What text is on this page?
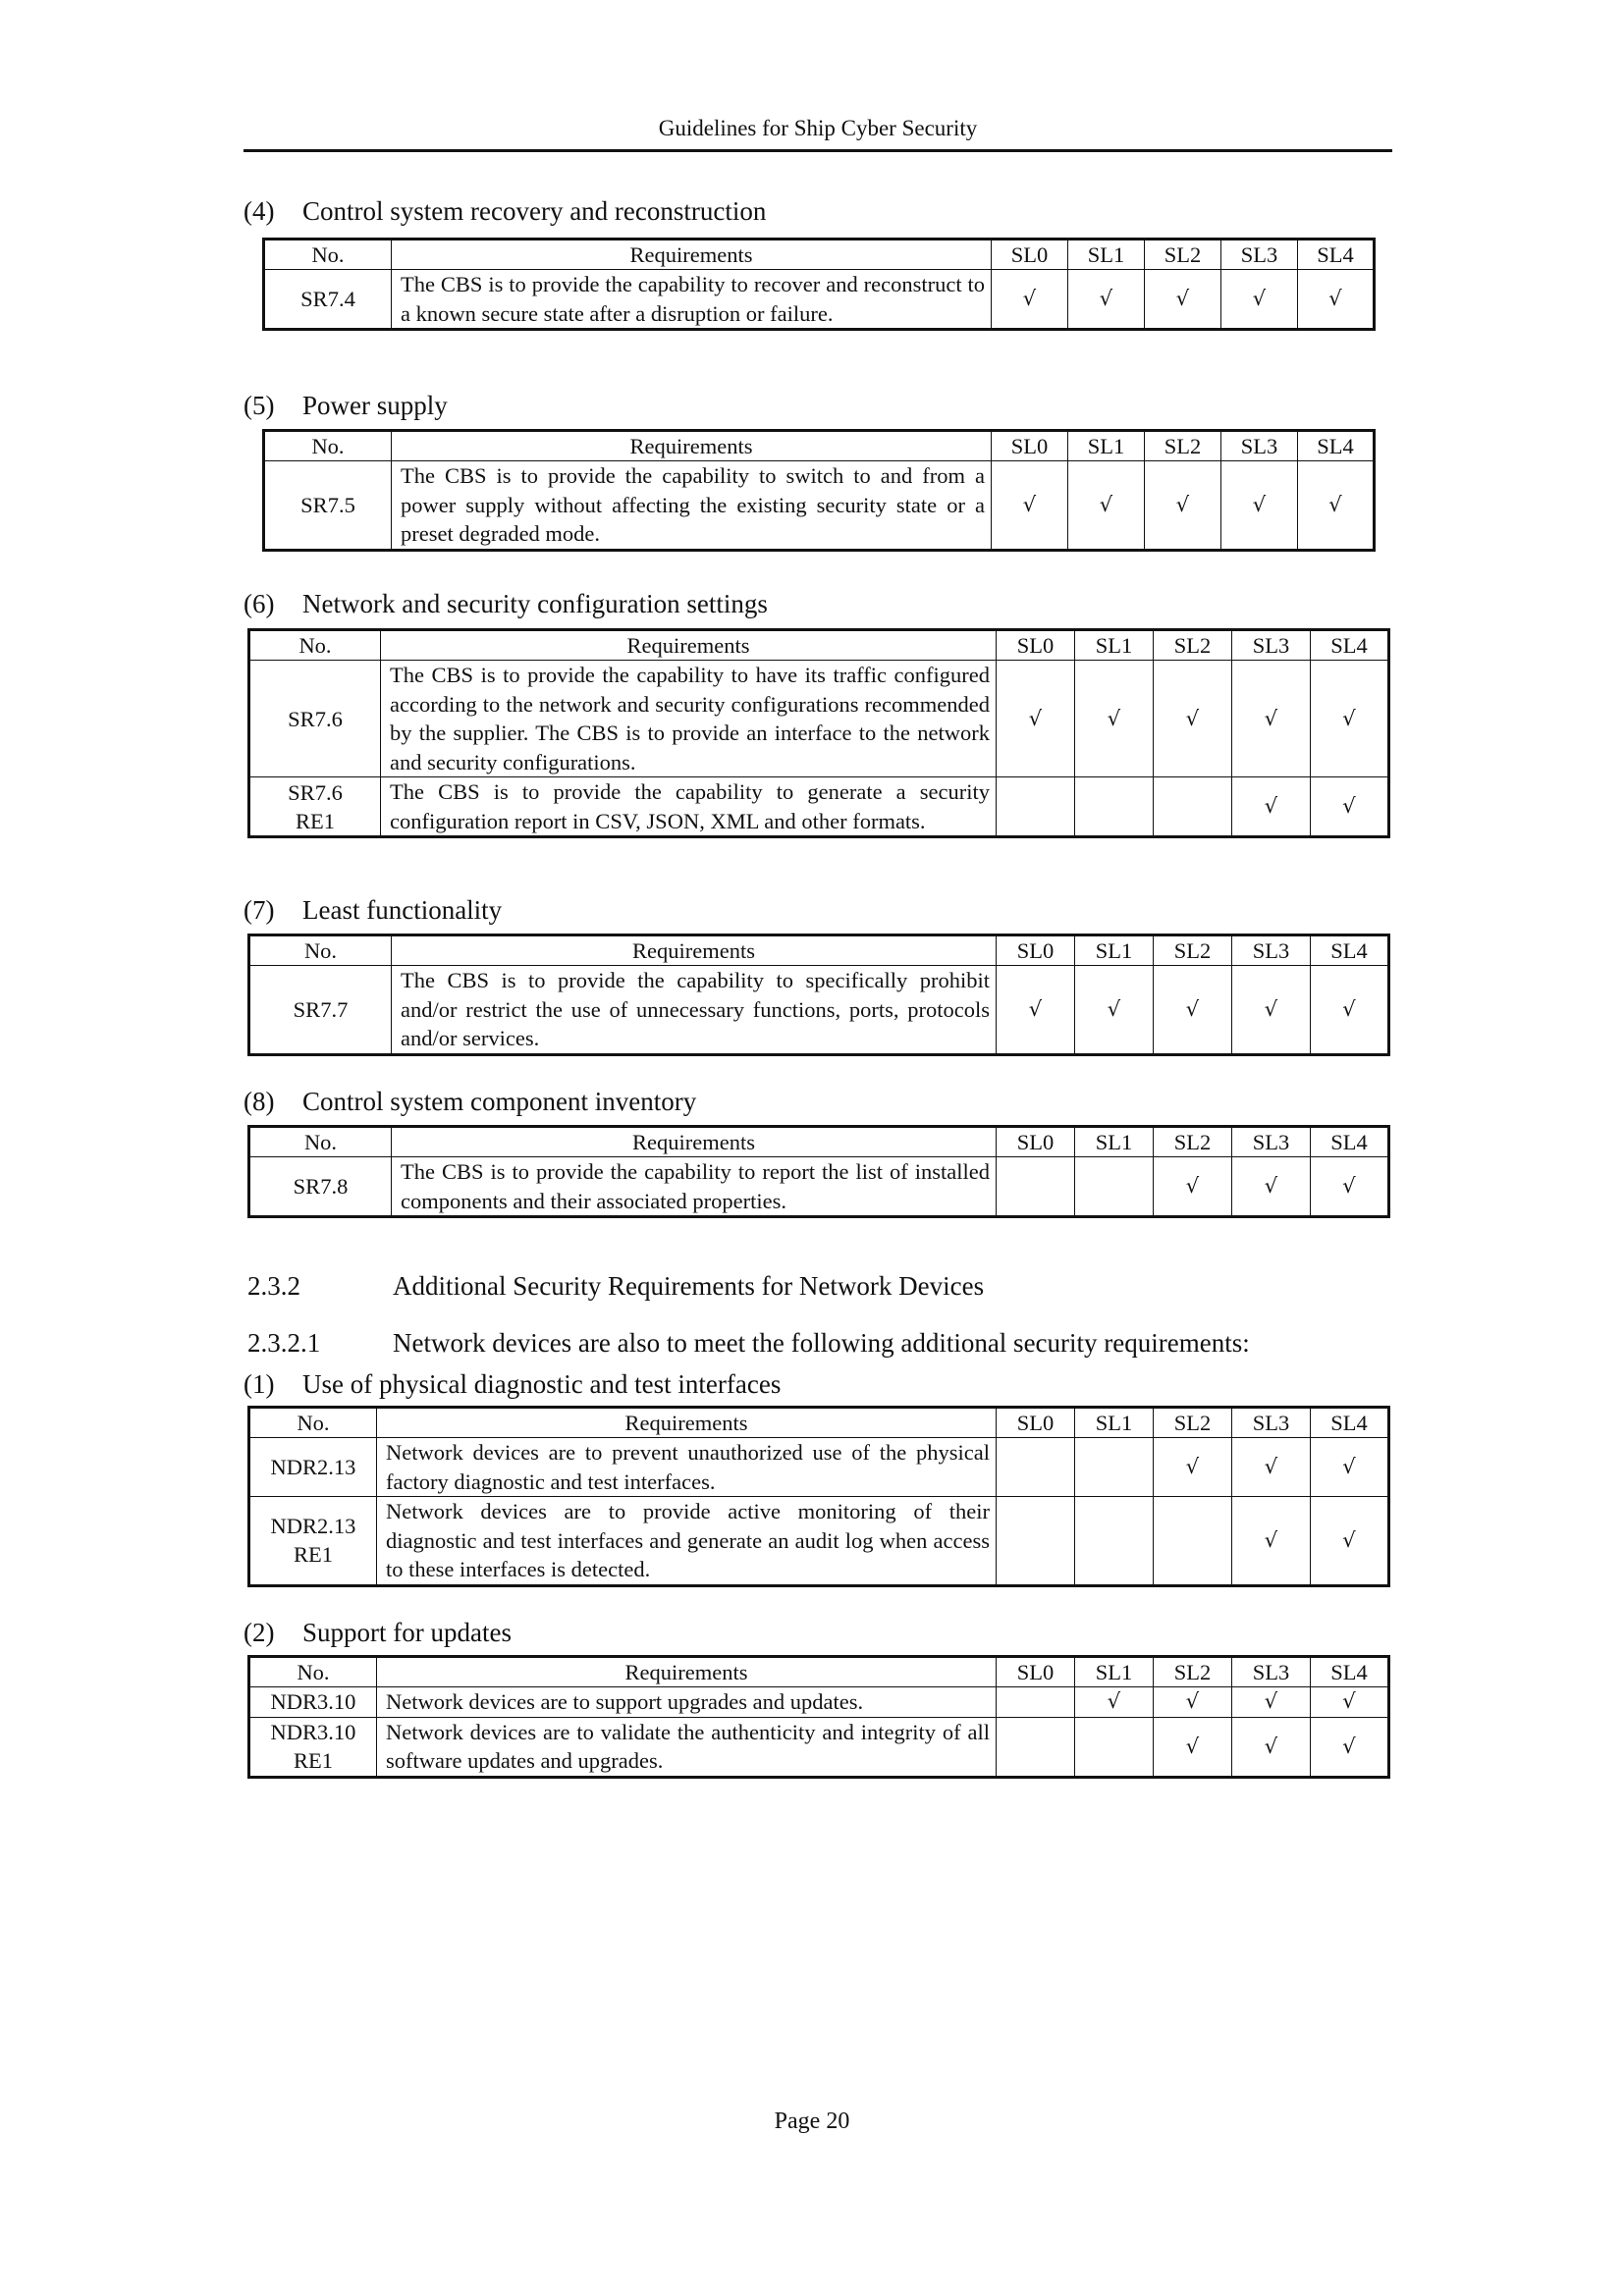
Guidelines for Ship Cyber Security
(4) Control system recovery and reconstruction
No.	Requirements	SL0	SL1	SL2	SL3	SL4

SR7.4	The CBS is to provide the capability to recover and reconstruct to a known secure state after a disruption or failure.	√	√	√	√	√
(5) Power supply
No.	Requirements	SL0	SL1	SL2	SL3	SL4

SR7.5	The CBS is to provide the capability to switch to and from a power supply without affecting the existing security state or a preset degraded mode.	√	√	√	√	√
(6) Network and security configuration settings
No.	Requirements	SL0	SL1	SL2	SL3	SL4

SR7.6	The CBS is to provide the capability to have its traffic configured according to the network and security configurations recommended by the supplier. The CBS is to provide an interface to the network and security configurations.	√	√	√	√	√

SR7.6
RE1	The CBS is to provide the capability to generate a security configuration report in CSV, JSON, XML and other formats.				√	√
(7) Least functionality
No.	Requirements	SL0	SL1	SL2	SL3	SL4

SR7.7	The CBS is to provide the capability to specifically prohibit and/or restrict the use of unnecessary functions, ports, protocols and/or services.	√	√	√	√	√
(8) Control system component inventory
No.	Requirements	SL0	SL1	SL2	SL3	SL4

SR7.8	The CBS is to provide the capability to report the list of installed components and their associated properties.			√	√	√
2.3.2	Additional Security Requirements for Network Devices
2.3.2.1	Network devices are also to meet the following additional security requirements:
(1) Use of physical diagnostic and test interfaces
No.	Requirements	SL0	SL1	SL2	SL3	SL4

NDR2.13	Network devices are to prevent unauthorized use of the physical factory diagnostic and test interfaces.			√	√	√

NDR2.13
RE1	Network devices are to provide active monitoring of their diagnostic and test interfaces and generate an audit log when access to these interfaces is detected.				√	√
(2) Support for updates
No.	Requirements	SL0	SL1	SL2	SL3	SL4

NDR3.10	Network devices are to support upgrades and updates.		√	√	√	√

NDR3.10
RE1	Network devices are to validate the authenticity and integrity of all software updates and upgrades.			√	√	√
Page 20
